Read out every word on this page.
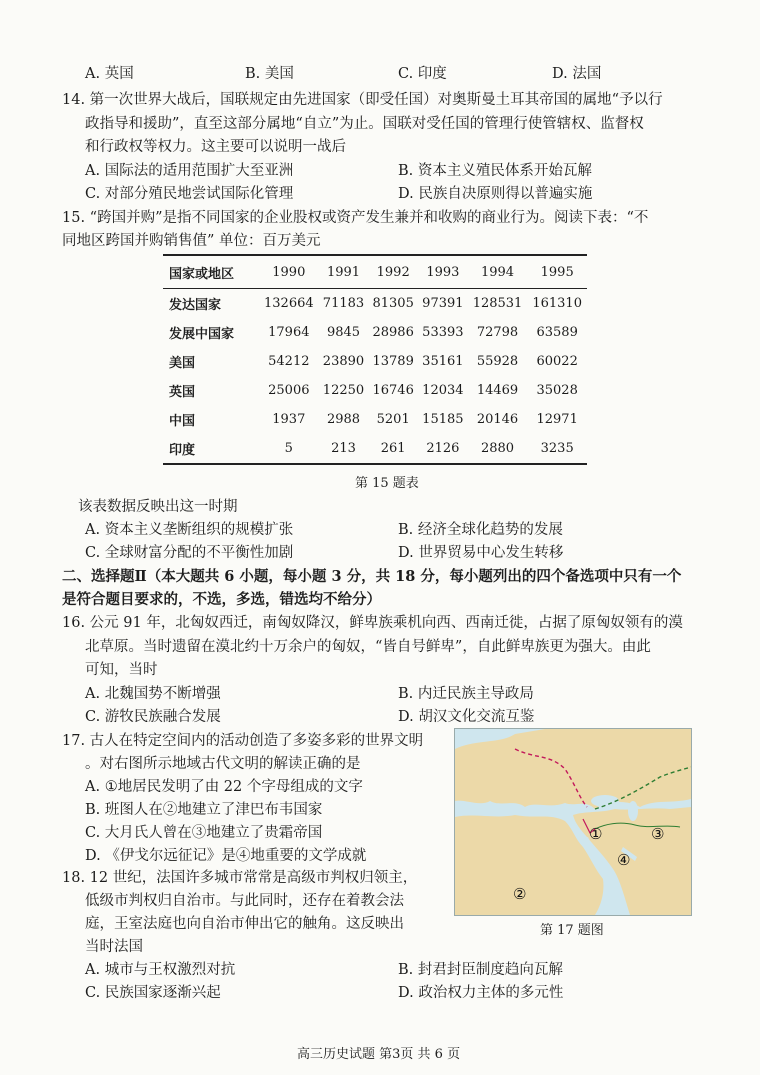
A. 英国	B. 美国	C. 印度	D. 法国
14. 第一次世界大战后，国联规定由先进国家（即受任国）对奥斯曼土耳其帝国的属地“予以行
政指导和援助”，直至这部分属地“自立”为止。国联对受任国的管理行使管辖权、监督权
和行政权等权力。这主要可以说明一战后
A. 国际法的适用范围扩大至亚洲	B. 资本主义殖民体系开始瓦解
C. 对部分殖民地尝试国际化管理	D. 民族自决原则得以普遍实施
15. “跨国并购”是指不同国家的企业股权或资产发生兼并和收购的商业行为。阅读下表：“不
同地区跨国并购销售值” 单位：百万美元
国家或地区	1990	1991	1992	1993	1994	1995
发达国家	132664	71183	81305	97391	128531	161310
发展中国家	17964	9845	28986	53393	72798	63589
美国	54212	23890	13789	35161	55928	60022
英国	25006	12250	16746	12034	14469	35028
中国	1937	2988	5201	15185	20146	12971
印度	5	213	261	2126	2880	3235
第 15 题表
该表数据反映出这一时期
A. 资本主义垄断组织的规模扩张	B. 经济全球化趋势的发展
C. 全球财富分配的不平衡性加剧	D. 世界贸易中心发生转移
二、选择题Ⅱ（本大题共 6 小题，每小题 3 分，共 18 分，每小题列出的四个备选项中只有一个
是符合题目要求的，不选，多选，错选均不给分）
16. 公元 91 年，北匈奴西迁，南匈奴降汉，鲜卑族乘机向西、西南迁徙，占据了原匈奴领有的漠
北草原。当时遗留在漠北约十万余户的匈奴，“皆自号鲜卑”，自此鲜卑族更为强大。由此
可知，当时
A. 北魏国势不断增强	B. 内迁民族主导政局
C. 游牧民族融合发展	D. 胡汉文化交流互鉴
17. 古人在特定空间内的活动创造了多姿多彩的世界文明
。对右图所示地域古代文明的解读正确的是
A. ①地居民发明了由 22 个字母组成的文字
B. 班图人在②地建立了津巴布韦国家
C. 大月氏人曾在③地建立了贵霜帝国
D. 《伊戈尔远征记》是④地重要的文学成就
①
②
③
④
第 17 题图
18. 12 世纪，法国许多城市常常是高级市判权归领主，
低级市判权归自治市。与此同时，还存在着教会法
庭，王室法庭也向自治市伸出它的触角。这反映出
当时法国
A. 城市与王权激烈对抗	B. 封君封臣制度趋向瓦解
C. 民族国家逐渐兴起	D. 政治权力主体的多元性
高三历史试题 第3页 共 6 页
